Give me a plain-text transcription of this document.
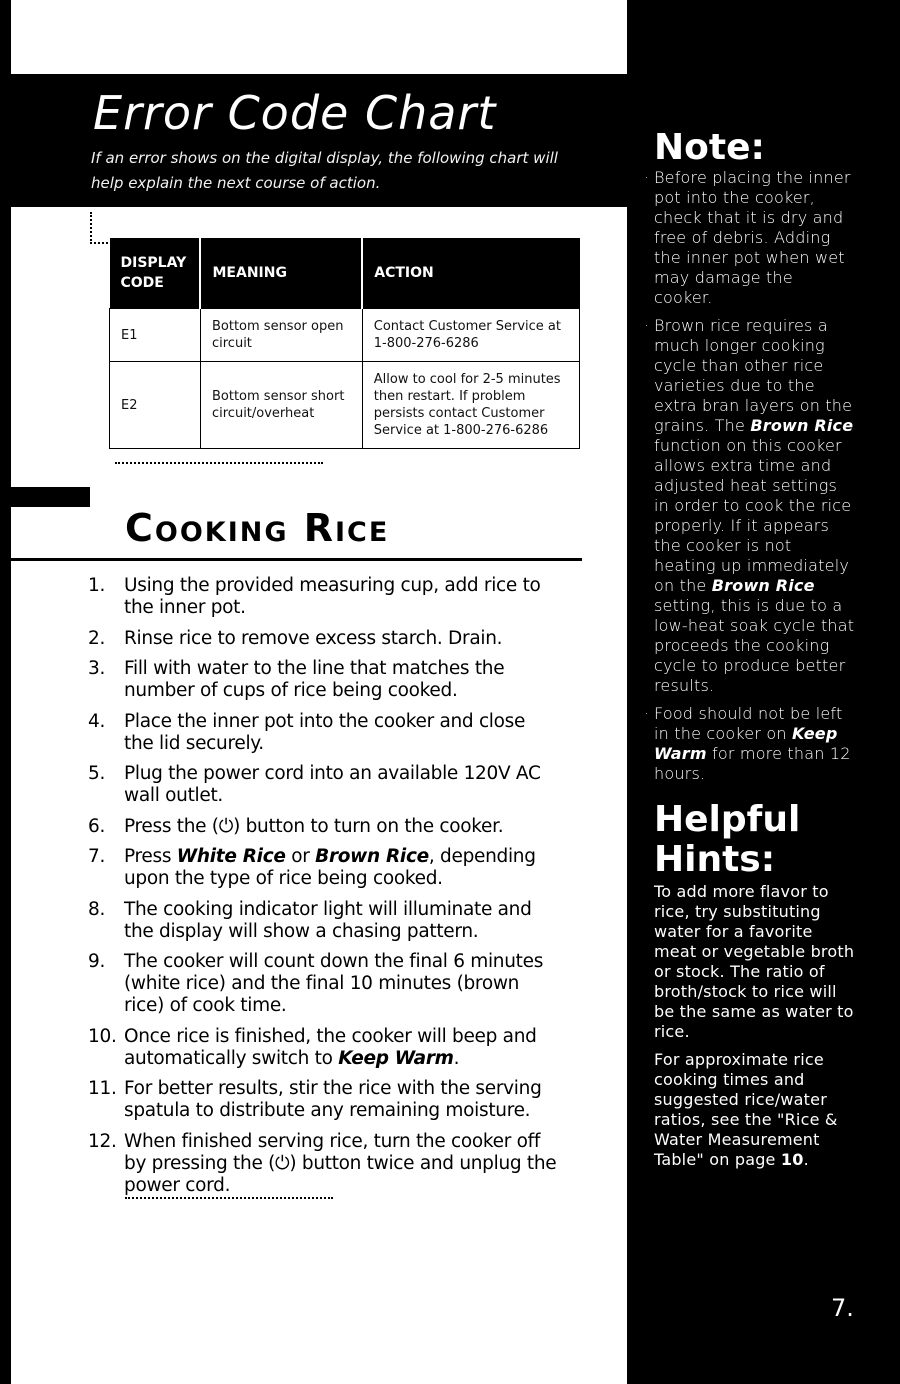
Error Code Chart

If an error shows on the digital display, the following chart will help explain the next course of action.

DISPLAY CODE	MEANING	ACTION
E1	Bottom sensor open circuit	Contact Customer Service at 1-800-276-6286
E2	Bottom sensor short circuit/overheat	Allow to cool for 2-5 minutes then restart. If problem persists contact Customer Service at 1-800-276-6286
Cooking Rice
1. Using the provided measuring cup, add rice to the inner pot.
2. Rinse rice to remove excess starch. Drain.
3. Fill with water to the line that matches the number of cups of rice being cooked.
4. Place the inner pot into the cooker and close the lid securely.
5. Plug the power cord into an available 120V AC wall outlet.
6. Press the (⏻) button to turn on the cooker.
7. Press White Rice or Brown Rice, depending upon the type of rice being cooked.
8. The cooking indicator light will illuminate and the display will show a chasing pattern.
9. The cooker will count down the final 6 minutes (white rice) and the final 10 minutes (brown rice) of cook time.
10. Once rice is finished, the cooker will beep and automatically switch to Keep Warm.
11. For better results, stir the rice with the serving spatula to distribute any remaining moisture.
12. When finished serving rice, turn the cooker off by pressing the (⏻) button twice and unplug the power cord.
Note:

· Before placing the inner pot into the cooker, check that it is dry and free of debris. Adding the inner pot when wet may damage the cooker.

· Brown rice requires a much longer cooking cycle than other rice varieties due to the extra bran layers on the grains. The Brown Rice function on this cooker allows extra time and adjusted heat settings in order to cook the rice properly. If it appears the cooker is not heating up immediately on the Brown Rice setting, this is due to a low-heat soak cycle that proceeds the cooking cycle to produce better results.

· Food should not be left in the cooker on Keep Warm for more than 12 hours.

Helpful Hints:

To add more flavor to rice, try substituting water for a favorite meat or vegetable broth or stock. The ratio of broth/stock to rice will be the same as water to rice.

For approximate rice cooking times and suggested rice/water ratios, see the "Rice & Water Measurement Table" on page 10.

7.
